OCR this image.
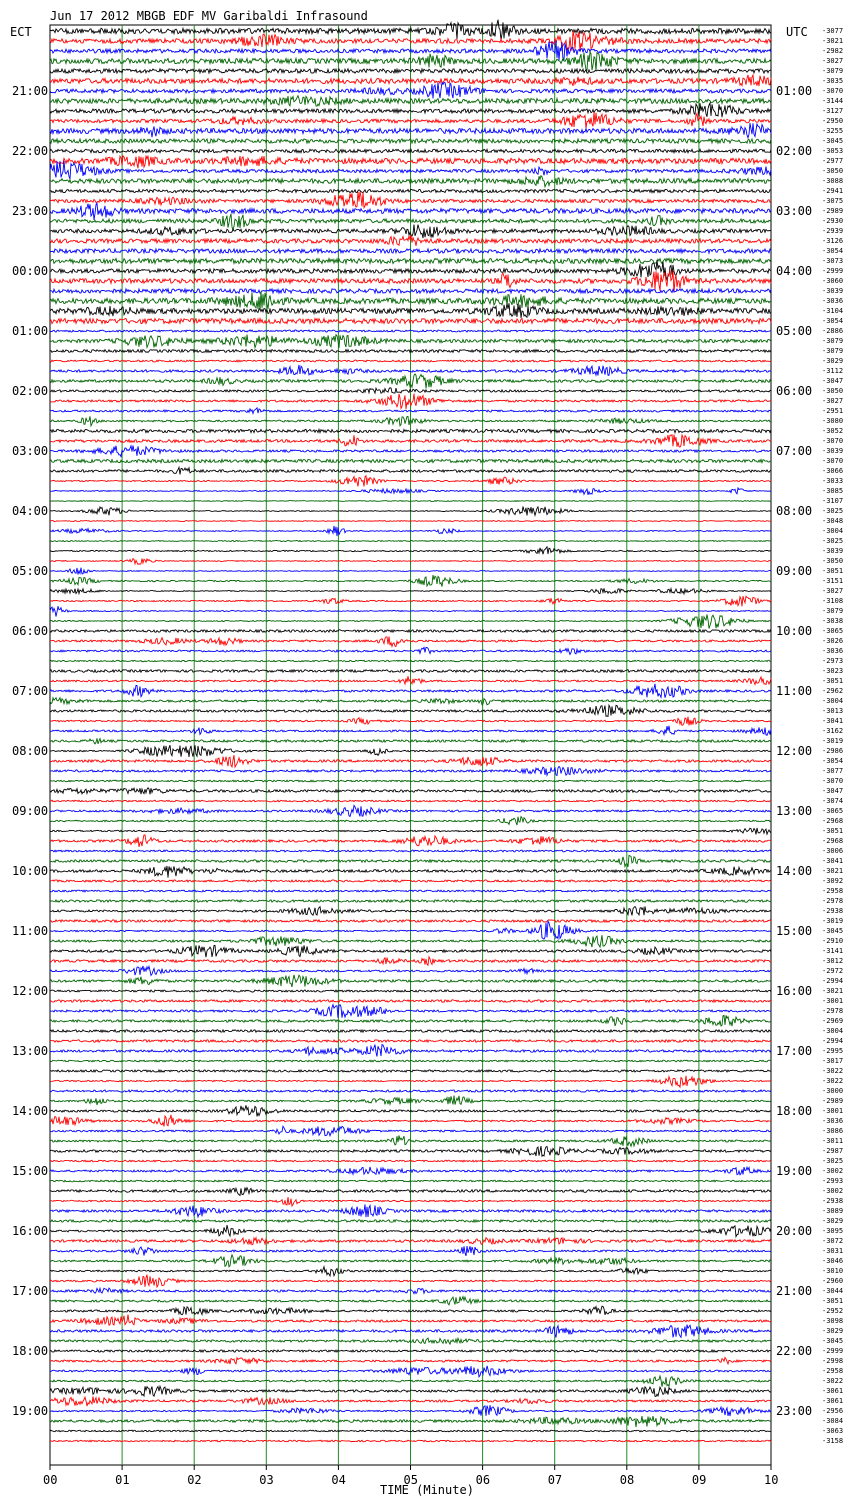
Jun 17 2012 MBGB EDF MV Garibaldi Infrasound
ECT	UTC -3077
-3021
-2982
-3027
-3079
-3035
-3070
-3144
-3127
-2950
-3255
-3045
-3053
-2977
-3050
-3088
-2941
-3075
-2989
-2930
-2939
-3126
-3054
-3073
-2999
-3060
-3039
-3036
-3104
-3054
-2886
-3079
-3079
-3029
-3112
-3047
-3050
-3027
-2951
-3080
-3052
-3070
-3039
-3070
-3066
-3033
-3085
-3107
-3025
-3048
-3004
-3025
-3039
-3050
-3051
-3151
-3027
-3108
-3079
-3038
-3065
-3026
-3036
-2973
-3023
-3051
-2962
-3004
-3013
-3041
-3162
-3019
-2986
-3054
-3077
-3070
-3047
-3074
-3065
-2968
-3051
-2968
-3006
-3041
-3021
-3092
-2958
-2978
-2938
-3019
-3045
-2910
-3141
-3012
-2972
-2994
-3021
-3001
-2978
-2969
-3004
-2994
-2995
-3017
-3022
-3022
-3000
-2989
-3001
-3036
-3086
-3011
-2987
-3025
-3002
-2993
-3002
-2938
-3089
-3029
-3095
-3072
-3031
-3046
-3010
-2960
-3044
-3051
-2952
-3098
-3029
-3045
-2999
-2998
-2958
-3022
-3061
-3061
-2956
-3084
-3063
-3158
21:00	01:00
22:00	02:00
23:00	03:00
00:00	04:00
01:00	05:00
02:00	06:00
03:00	07:00
04:00	08:00
05:00	09:00
06:00	10:00
07:00	11:00
08:00	12:00
09:00	13:00
10:00	14:00
11:00	15:00
12:00	16:00
13:00	17:00
14:00	18:00
15:00	19:00
16:00	20:00
17:00	21:00
18:00	22:00
19:00	23:00
00	01	02	03	04	05	06	07	08	09	10
TIME (Minute)
